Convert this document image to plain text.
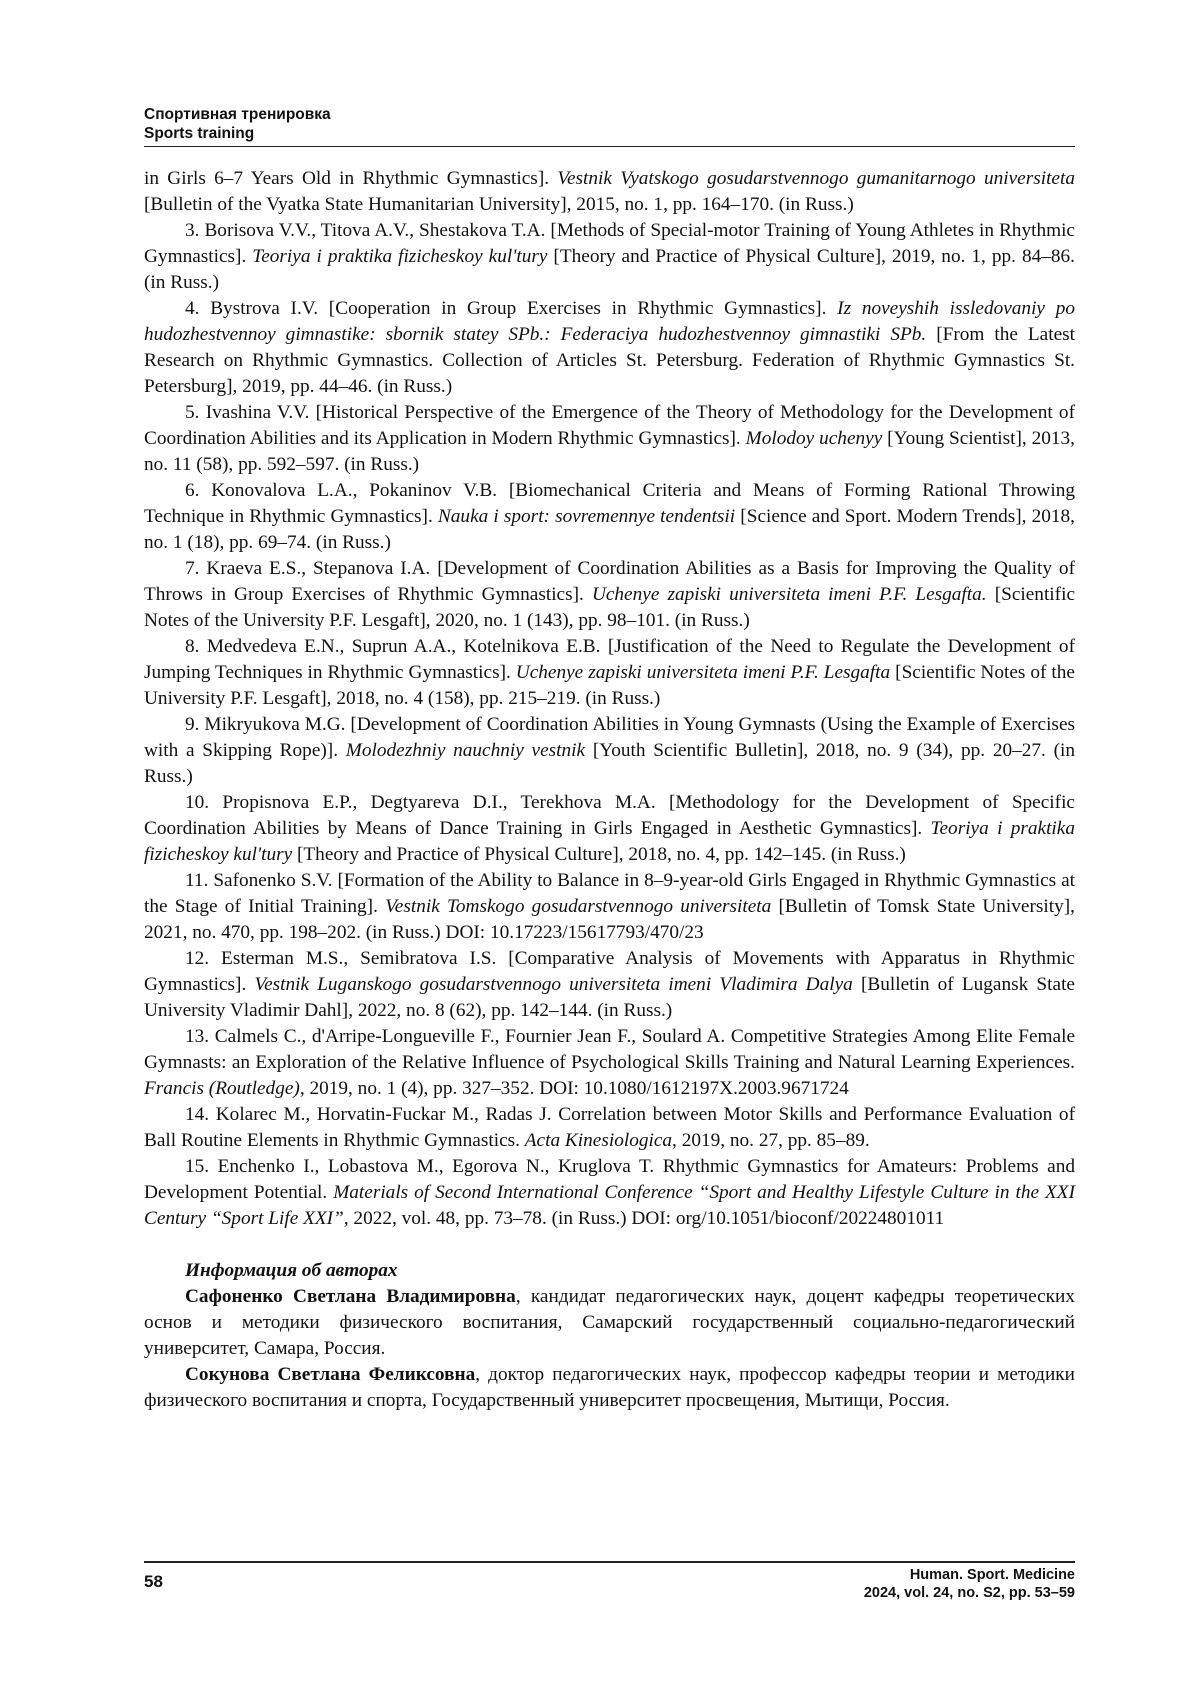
Спортивная тренировка
Sports training

in Girls 6–7 Years Old in Rhythmic Gymnastics]. Vestnik Vyatskogo gosudarstvennogo gumanitarnogo universiteta [Bulletin of the Vyatka State Humanitarian University], 2015, no. 1, pp. 164–170. (in Russ.)

3. Borisova V.V., Titova A.V., Shestakova T.A. [Methods of Special-motor Training of Young Athletes in Rhythmic Gymnastics]. Teoriya i praktika fizicheskoy kul'tury [Theory and Practice of Physical Culture], 2019, no. 1, pp. 84–86. (in Russ.)

4. Bystrova I.V. [Cooperation in Group Exercises in Rhythmic Gymnastics]. Iz noveyshih issledovaniy po hudozhestvennoy gimnastike: sbornik statey SPb.: Federaciya hudozhestvennoy gimnastiki SPb. [From the Latest Research on Rhythmic Gymnastics. Collection of Articles St. Petersburg. Federation of Rhythmic Gymnastics St. Petersburg], 2019, pp. 44–46. (in Russ.)

5. Ivashina V.V. [Historical Perspective of the Emergence of the Theory of Methodology for the Development of Coordination Abilities and its Application in Modern Rhythmic Gymnastics]. Molodoy uchenyy [Young Scientist], 2013, no. 11 (58), pp. 592–597. (in Russ.)

6. Konovalova L.A., Pokaninov V.B. [Biomechanical Criteria and Means of Forming Rational Throwing Technique in Rhythmic Gymnastics]. Nauka i sport: sovremennye tendentsii [Science and Sport. Modern Trends], 2018, no. 1 (18), pp. 69–74. (in Russ.)

7. Kraeva E.S., Stepanova I.A. [Development of Coordination Abilities as a Basis for Improving the Quality of Throws in Group Exercises of Rhythmic Gymnastics]. Uchenye zapiski universiteta imeni P.F. Lesgafta. [Scientific Notes of the University P.F. Lesgaft], 2020, no. 1 (143), pp. 98–101. (in Russ.)

8. Medvedeva E.N., Suprun A.A., Kotelnikova E.B. [Justification of the Need to Regulate the Development of Jumping Techniques in Rhythmic Gymnastics]. Uchenye zapiski universiteta imeni P.F. Lesgafta [Scientific Notes of the University P.F. Lesgaft], 2018, no. 4 (158), pp. 215–219. (in Russ.)

9. Mikryukova M.G. [Development of Coordination Abilities in Young Gymnasts (Using the Example of Exercises with a Skipping Rope)]. Molodezhniy nauchniy vestnik [Youth Scientific Bulletin], 2018, no. 9 (34), pp. 20–27. (in Russ.)

10. Propisnova E.P., Degtyareva D.I., Terekhova M.A. [Methodology for the Development of Specific Coordination Abilities by Means of Dance Training in Girls Engaged in Aesthetic Gymnastics]. Teoriya i praktika fizicheskoy kul'tury [Theory and Practice of Physical Culture], 2018, no. 4, pp. 142–145. (in Russ.)

11. Safonenko S.V. [Formation of the Ability to Balance in 8–9-year-old Girls Engaged in Rhythmic Gymnastics at the Stage of Initial Training]. Vestnik Tomskogo gosudarstvennogo universiteta [Bulletin of Tomsk State University], 2021, no. 470, pp. 198–202. (in Russ.) DOI: 10.17223/15617793/470/23

12. Esterman M.S., Semibratova I.S. [Comparative Analysis of Movements with Apparatus in Rhythmic Gymnastics]. Vestnik Luganskogo gosudarstvennogo universiteta imeni Vladimira Dalya [Bulletin of Lugansk State University Vladimir Dahl], 2022, no. 8 (62), pp. 142–144. (in Russ.)

13. Calmels C., d'Arripe-Longueville F., Fournier Jean F., Soulard A. Competitive Strategies Among Elite Female Gymnasts: an Exploration of the Relative Influence of Psychological Skills Training and Natural Learning Experiences. Francis (Routledge), 2019, no. 1 (4), pp. 327–352. DOI: 10.1080/1612197X.2003.9671724

14. Kolarec M., Horvatin-Fuckar M., Radas J. Correlation between Motor Skills and Performance Evaluation of Ball Routine Elements in Rhythmic Gymnastics. Acta Kinesiologica, 2019, no. 27, pp. 85–89.

15. Enchenko I., Lobastova M., Egorova N., Kruglova T. Rhythmic Gymnastics for Amateurs: Problems and Development Potential. Materials of Second International Conference “Sport and Healthy Lifestyle Culture in the XXI Century “Sport Life XXI”, 2022, vol. 48, pp. 73–78. (in Russ.) DOI: org/10.1051/bioconf/20224801011

Информация об авторах

Сафоненко Светлана Владимировна, кандидат педагогических наук, доцент кафедры теоретических основ и методики физического воспитания, Самарский государственный социально-педагогический университет, Самара, Россия.

Сокунова Светлана Феликсовна, доктор педагогических наук, профессор кафедры теории и методики физического воспитания и спорта, Государственный университет просвещения, Мытищи, Россия.

58	Human. Sport. Medicine
2024, vol. 24, no. S2, pp. 53–59
